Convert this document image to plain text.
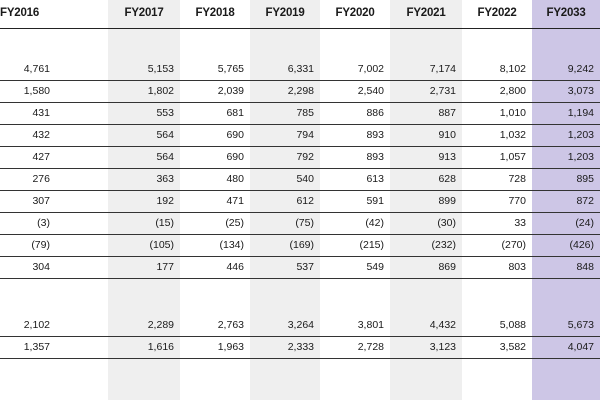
FY2016	FY2017	FY2018	FY2019	FY2020	FY2021	FY2022	FY2033
4,761	5,153	5,765	6,331	7,002	7,174	8,102	9,242
1,580	1,802	2,039	2,298	2,540	2,731	2,800	3,073
431	553	681	785	886	887	1,010	1,194
432	564	690	794	893	910	1,032	1,203
427	564	690	792	893	913	1,057	1,203
276	363	480	540	613	628	728	895
307	192	471	612	591	899	770	872
(3)	(15)	(25)	(75)	(42)	(30)	33	(24)
(79)	(105)	(134)	(169)	(215)	(232)	(270)	(426)
304	177	446	537	549	869	803	848
2,102	2,289	2,763	3,264	3,801	4,432	5,088	5,673
1,357	1,616	1,963	2,333	2,728	3,123	3,582	4,047
